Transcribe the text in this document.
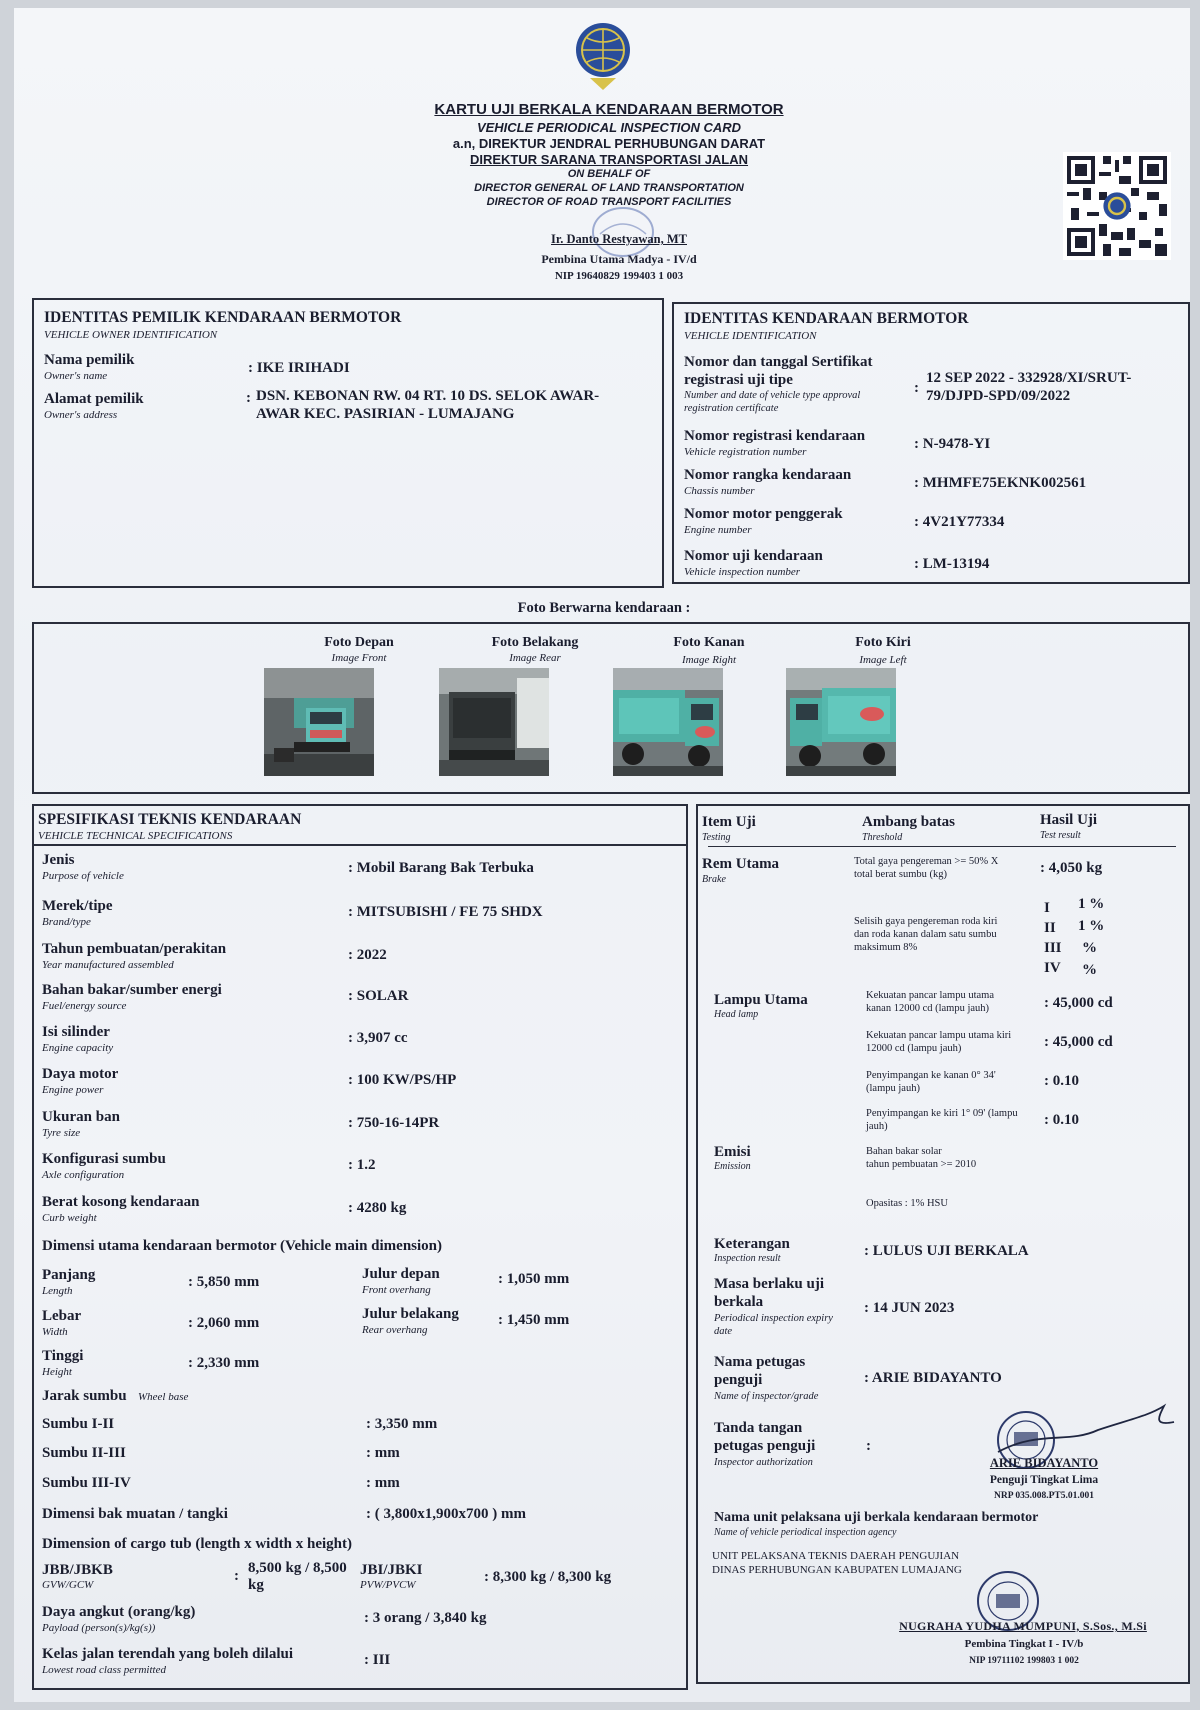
KARTU UJI BERKALA KENDARAAN BERMOTOR
VEHICLE PERIODICAL INSPECTION CARD
a.n, DIREKTUR JENDRAL PERHUBUNGAN DARAT
DIREKTUR SARANA TRANSPORTASI JALAN
ON BEHALF OF
DIRECTOR GENERAL OF LAND TRANSPORTATION
DIRECTOR OF ROAD TRANSPORT FACILITIES
Ir. Danto Restyawan, MT
Pembina Utama Madya - IV/d
NIP 19640829 199403 1 003
IDENTITAS PEMILIK KENDARAAN BERMOTOR
VEHICLE OWNER IDENTIFICATION
Nama pemilik
Owner's name	: IKE IRIHADI
Alamat pemilik
Owner's address
: DSN. KEBONAN RW. 04 RT. 10 DS. SELOK AWAR-
AWAR KEC. PASIRIAN - LUMAJANG
IDENTITAS KENDARAAN BERMOTOR
VEHICLE IDENTIFICATION
Nomor dan tanggal Sertifikat
registrasi uji tipe
Number and date of vehicle type approval
registration certificate
:
12 SEP 2022 - 332928/XI/SRUT-
79/DJPD-SPD/09/2022
Nomor registrasi kendaraan
Vehicle registration number	: N-9478-YI
Nomor rangka kendaraan
Chassis number	: MHMFE75EKNK002561
Nomor motor penggerak
Engine number	: 4V21Y77334
Nomor uji kendaraan
Vehicle inspection number	: LM-13194
Foto Berwarna kendaraan :
Foto Depan
Image Front
Foto Belakang
Image Rear
Foto Kanan
Image Right
Foto Kiri
Image Left
SPESIFIKASI TEKNIS KENDARAAN
VEHICLE TECHNICAL SPECIFICATIONS
Jenis
Purpose of vehicle	: Mobil Barang Bak Terbuka
Merek/tipe
Brand/type
: MITSUBISHI / FE 75 SHDX
Tahun pembuatan/perakitan
Year manufactured assembled
: 2022
Bahan bakar/sumber energi
Fuel/energy source
: SOLAR
Isi silinder
Engine capacity
: 3,907 cc
Daya motor
Engine power
: 100 KW/PS/HP
Ukuran ban
Tyre size
: 750-16-14PR
Konfigurasi sumbu
Axle configuration
: 1.2
Berat kosong kendaraan
Curb weight
: 4280 kg
Dimensi utama kendaraan bermotor (Vehicle main dimension)
Panjang
Length
: 5,850 mm
Lebar
Width
: 2,060 mm
Tinggi
Height
: 2,330 mm
Julur depan
Front overhang
: 1,050 mm
Julur belakang
Rear overhang
: 1,450 mm
Jarak sumbu Wheel base
Sumbu I-II	: 3,350 mm
Sumbu II-III	: mm
Sumbu III-IV	: mm
Dimensi bak muatan / tangki	: ( 3,800x1,900x700 ) mm
Dimension of cargo tub (length x width x height)
JBB/JBKB
GVW/GCW
: 8,500 kg / 8,500
kg
JBI/JBKI
PVW/PVCW	: 8,300 kg / 8,300 kg
Daya angkut (orang/kg)
Payload (person(s)/kg(s))
: 3 orang / 3,840 kg
Kelas jalan terendah yang boleh dilalui
Lowest road class permitted
: III
Item Uji
Testing
Ambang batas
Threshold
Hasil Uji
Test result
Rem Utama
Brake
Total gaya pengereman >= 50% X
total berat sumbu (kg)	: 4,050 kg
Selisih gaya pengereman roda kiri
dan roda kanan dalam satu sumbu
maksimum 8%
I 1 %
II 1 %
III %
IV %
Lampu Utama
Head lamp
Kekuatan pancar lampu utama
kanan 12000 cd (lampu jauh)	: 45,000 cd
Kekuatan pancar lampu utama kiri
12000 cd (lampu jauh)	: 45,000 cd
Penyimpangan ke kanan 0° 34'
(lampu jauh)	: 0.10
Penyimpangan ke kiri 1° 09' (lampu
jauh)	: 0.10
Emisi
Emission
Bahan bakar solar
tahun pembuatan >= 2010
Opasitas : 1% HSU
Keterangan
Inspection result	: LULUS UJI BERKALA
Masa berlaku uji
berkala
Periodical inspection expiry
date
: 14 JUN 2023
Nama petugas
penguji
Name of inspector/grade
: ARIE BIDAYANTO
Tanda tangan
petugas penguji
Inspector authorization
:
ARIE BIDAYANTO
Penguji Tingkat Lima
NRP 035.008.PT5.01.001
Nama unit pelaksana uji berkala kendaraan bermotor
Name of vehicle periodical inspection agency
UNIT PELAKSANA TEKNIS DAERAH PENGUJIAN
DINAS PERHUBUNGAN KABUPATEN LUMAJANG
NUGRAHA YUDHA MUMPUNI, S.Sos., M.Si
Pembina Tingkat I - IV/b
NIP 19711102 199803 1 002
